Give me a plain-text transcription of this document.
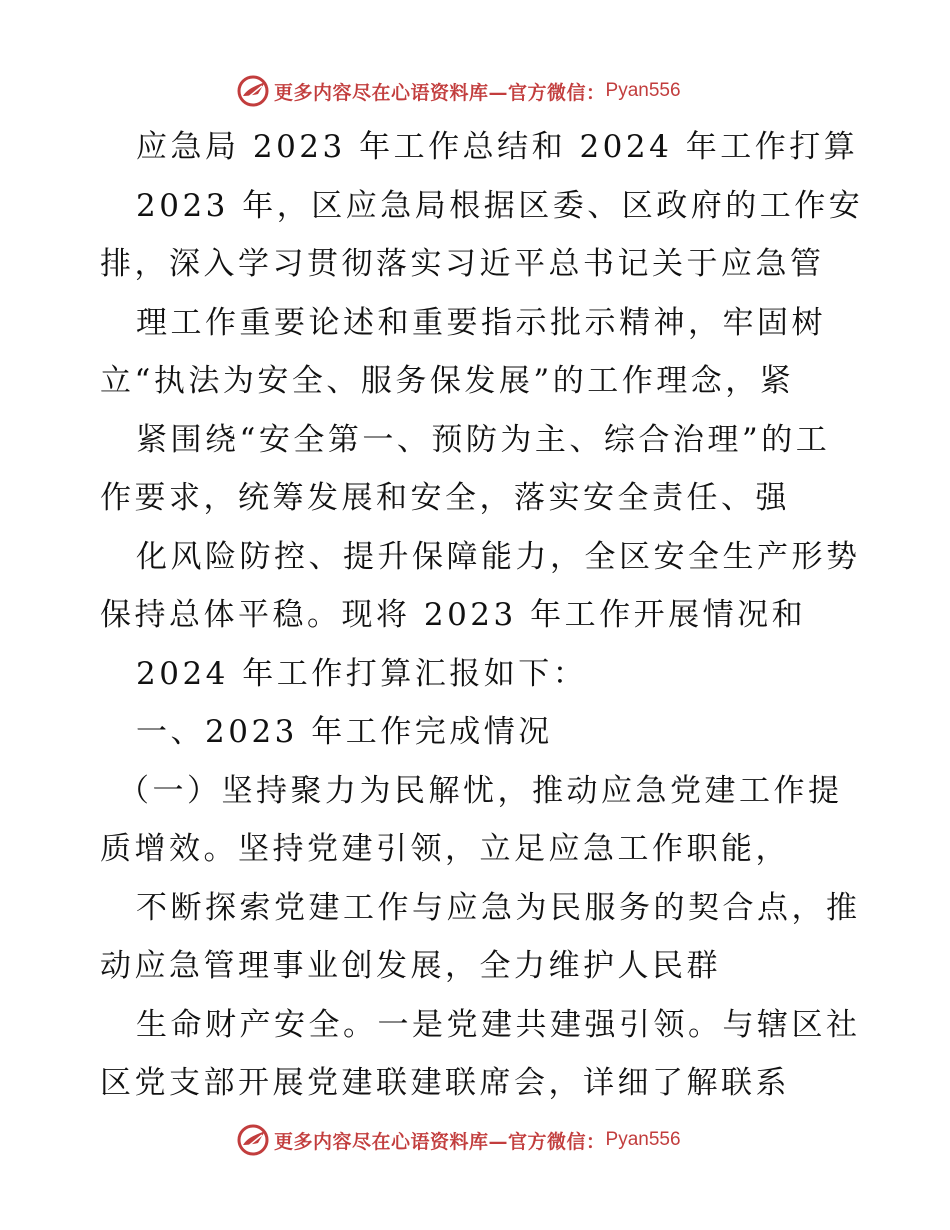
更多内容尽在心语资料库—官方微信： Pyan556
应急局 2023 年工作总结和 2024 年工作打算
2023 年，区应急局根据区委、区政府的工作安
排，深入学习贯彻落实习近平总书记关于应急管
理工作重要论述和重要指示批示精神，牢固树
立“执法为安全、服务保发展”的工作理念，紧
紧围绕“安全第一、预防为主、综合治理”的工
作要求，统筹发展和安全，落实安全责任、强
化风险防控、提升保障能力，全区安全生产形势
保持总体平稳。现将 2023 年工作开展情况和
2024 年工作打算汇报如下：
一、2023 年工作完成情况
（一）坚持聚力为民解忧，推动应急党建工作提
质增效。坚持党建引领，立足应急工作职能，
不断探索党建工作与应急为民服务的契合点，推
动应急管理事业创发展，全力维护人民群
生命财产安全。一是党建共建强引领。与辖区社
区党支部开展党建联建联席会，详细了解联系
更多内容尽在心语资料库—官方微信： Pyan556
